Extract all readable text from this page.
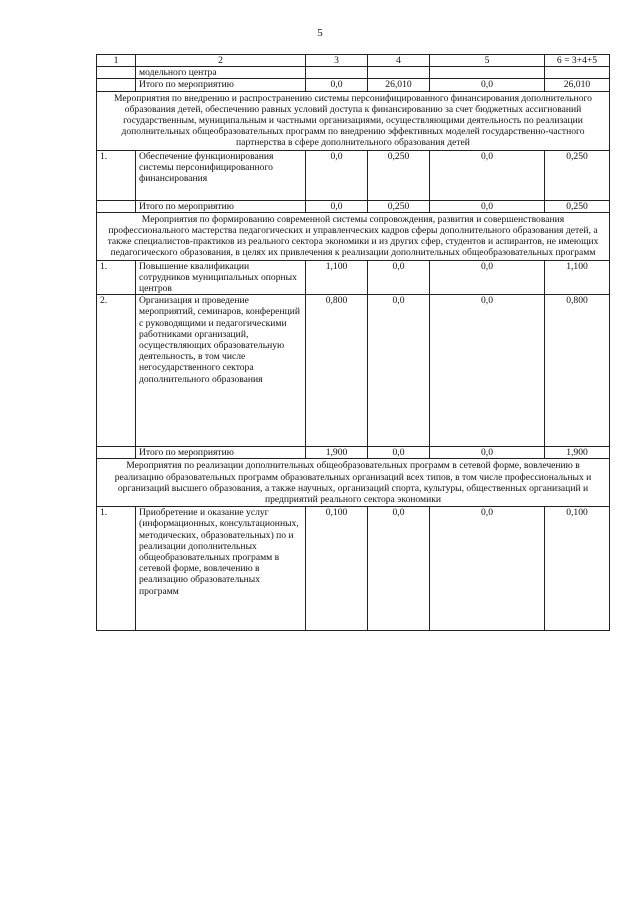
5
1	2	3	4	5	6 = 3+4+5
	модельного центра				
	Итого по мероприятию	0,0	26,010	0,0	26,010
Мероприятия по внедрению и распространению системы персонифицированного финансирования дополнительного образования детей, обеспечению равных условий доступа к финансированию за счет бюджетных ассигнований государственным, муниципальным и частными организациями, осуществляющими деятельность по реализации дополнительных общеобразовательных программ по внедрению эффективных моделей государственно-частного партнерства в сфере дополнительного образования детей					
1.	Обеспечение функционирования системы персонифицированного финансирования	0,0	0,250	0,0	0,250
	Итого по мероприятию	0,0	0,250	0,0	0,250
Мероприятия по формированию современной системы сопровождения, развития и совершенствования профессионального мастерства педагогических и управленческих кадров сферы дополнительного образования детей, а также специалистов-практиков из реального сектора экономики и из других сфер, студентов и аспирантов, не имеющих педагогического образования, в целях их привлечения к реализации дополнительных общеобразовательных программ					
1.	Повышение квалификации сотрудников муниципальных опорных центров	1,100	0,0	0,0	1,100
2.	Организация и проведение мероприятий, семинаров, конференций с руководящими и педагогическими работниками организаций, осуществляющих образовательную деятельность, в том числе негосударственного сектора дополнительного образования	0,800	0,0	0,0	0,800
	Итого по мероприятию	1,900	0,0	0,0	1,900
Мероприятия по реализации дополнительных общеобразовательных программ в сетевой форме, вовлечению в реализацию образовательных программ образовательных организаций всех типов, в том числе профессиональных и организаций высшего образования, а также научных, организаций спорта, культуры, общественных организаций и предприятий реального сектора экономики					
1.	Приобретение и оказание услуг (информационных, консультационных, методических, образовательных) по и реализации дополнительных общеобразовательных программ в сетевой форме, вовлечению в реализацию образовательных программ	0,100	0,0	0,0	0,100
